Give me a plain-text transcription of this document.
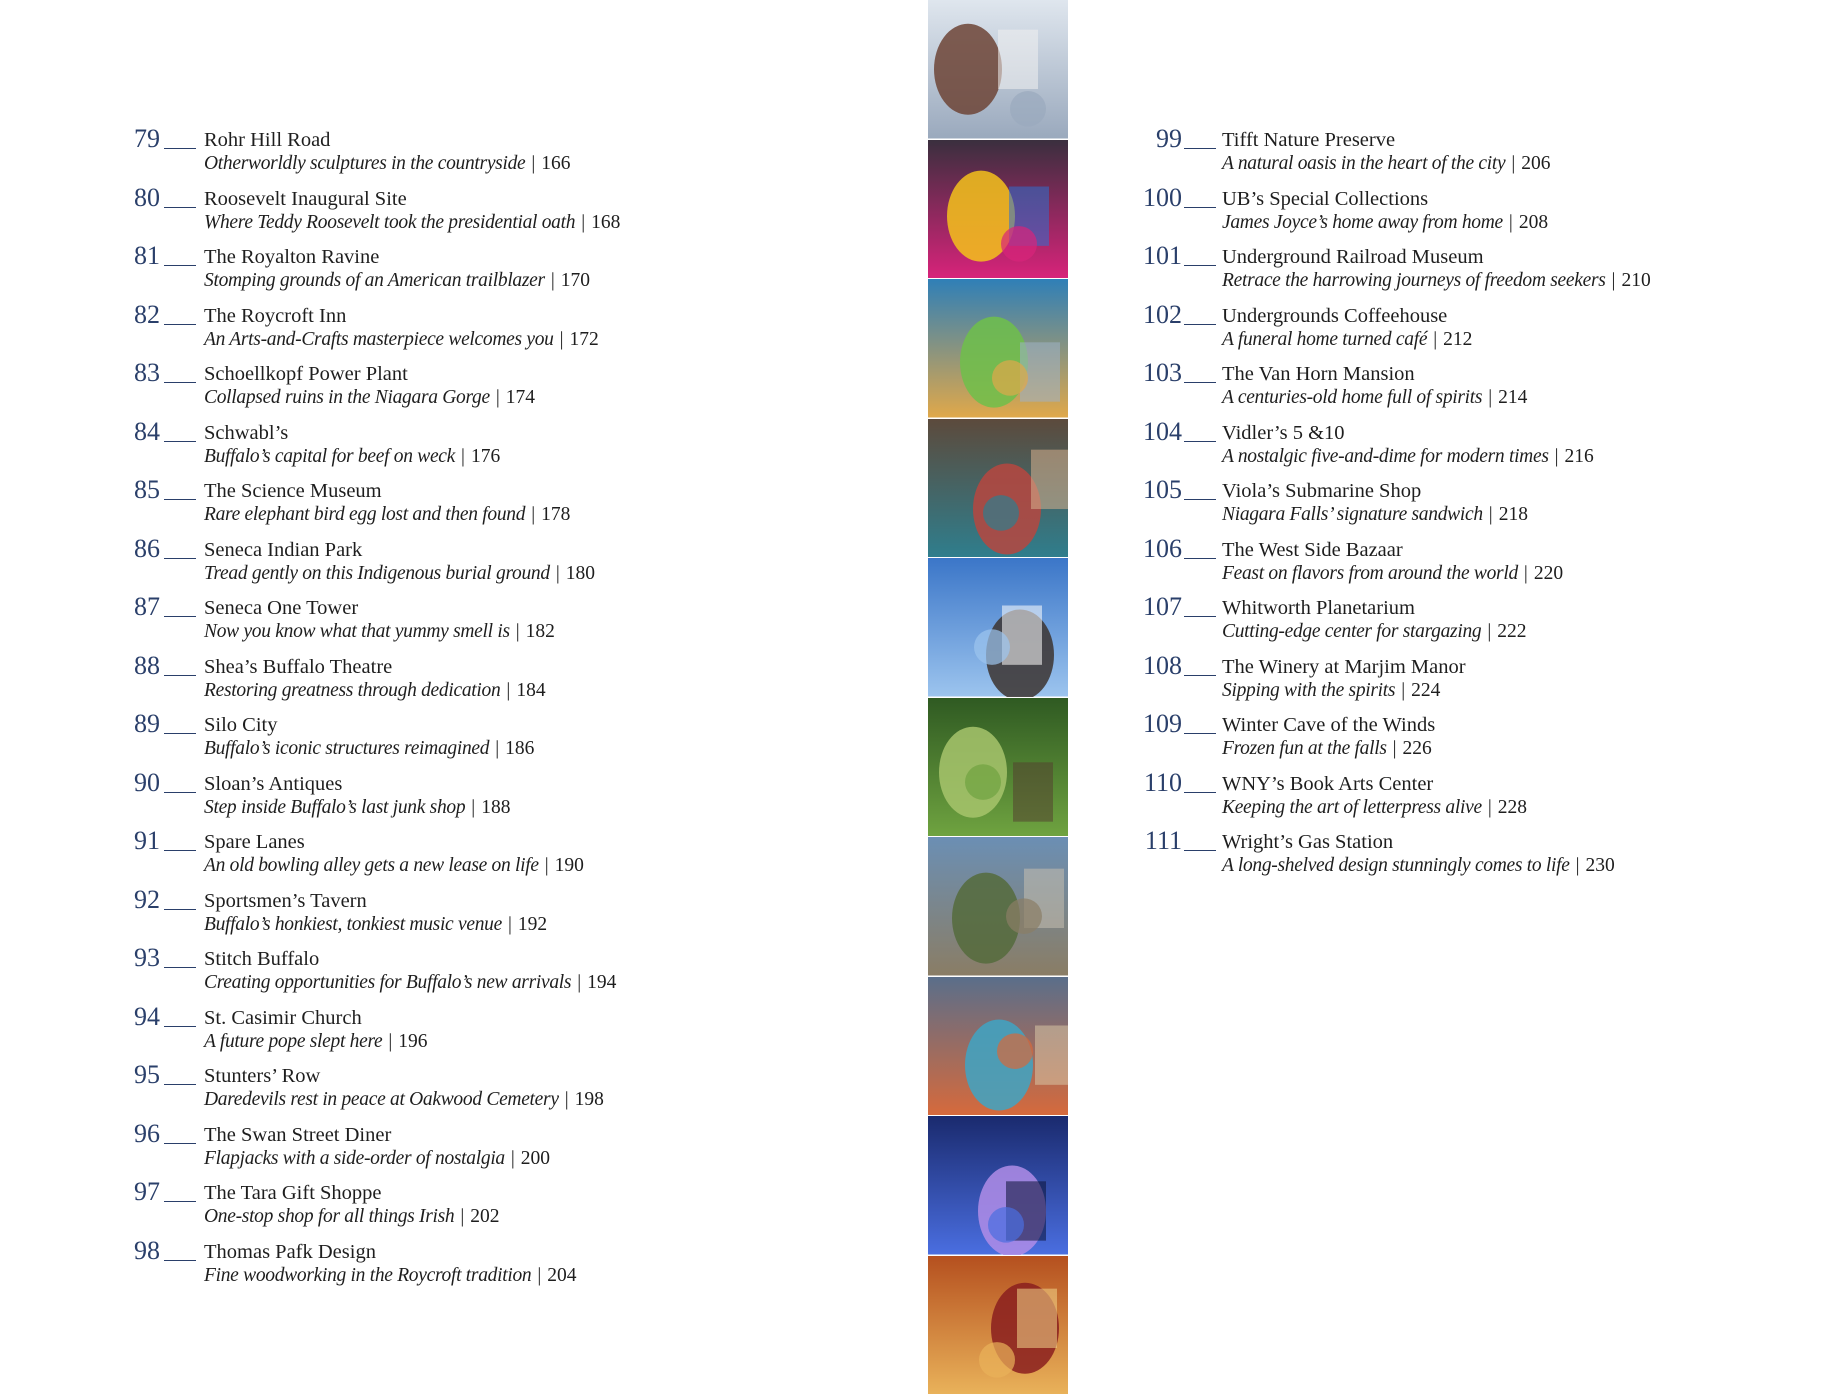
79 Rohr Hill Road
Otherworldly sculptures in the countryside | 166
80 Roosevelt Inaugural Site
Where Teddy Roosevelt took the presidential oath | 168
81 The Royalton Ravine
Stomping grounds of an American trailblazer | 170
82 The Roycroft Inn
An Arts-and-Crafts masterpiece welcomes you | 172
83 Schoellkopf Power Plant
Collapsed ruins in the Niagara Gorge | 174
84 Schwabl’s
Buffalo’s capital for beef on weck | 176
85 The Science Museum
Rare elephant bird egg lost and then found | 178
86 Seneca Indian Park
Tread gently on this Indigenous burial ground | 180
87 Seneca One Tower
Now you know what that yummy smell is | 182
88 Shea’s Buffalo Theatre
Restoring greatness through dedication | 184
89 Silo City
Buffalo’s iconic structures reimagined | 186
90 Sloan’s Antiques
Step inside Buffalo’s last junk shop | 188
91 Spare Lanes
An old bowling alley gets a new lease on life | 190
92 Sportsmen’s Tavern
Buffalo’s honkiest, tonkiest music venue | 192
93 Stitch Buffalo
Creating opportunities for Buffalo’s new arrivals | 194
94 St. Casimir Church
A future pope slept here | 196
95 Stunters’ Row
Daredevils rest in peace at Oakwood Cemetery | 198
96 The Swan Street Diner
Flapjacks with a side-order of nostalgia | 200
97 The Tara Gift Shoppe
One-stop shop for all things Irish | 202
98 Thomas Pafk Design
Fine woodworking in the Roycroft tradition | 204
99 Tifft Nature Preserve
A natural oasis in the heart of the city | 206
100 UB’s Special Collections
James Joyce’s home away from home | 208
101 Underground Railroad Museum
Retrace the harrowing journeys of freedom seekers | 210
102 Undergrounds Coffeehouse
A funeral home turned café | 212
103 The Van Horn Mansion
A centuries-old home full of spirits | 214
104 Vidler’s 5 &10
A nostalgic five-and-dime for modern times | 216
105 Viola’s Submarine Shop
Niagara Falls’ signature sandwich | 218
106 The West Side Bazaar
Feast on flavors from around the world | 220
107 Whitworth Planetarium
Cutting-edge center for stargazing | 222
108 The Winery at Marjim Manor
Sipping with the spirits | 224
109 Winter Cave of the Winds
Frozen fun at the falls | 226
110 WNY’s Book Arts Center
Keeping the art of letterpress alive | 228
111 Wright’s Gas Station
A long-shelved design stunningly comes to life | 230
